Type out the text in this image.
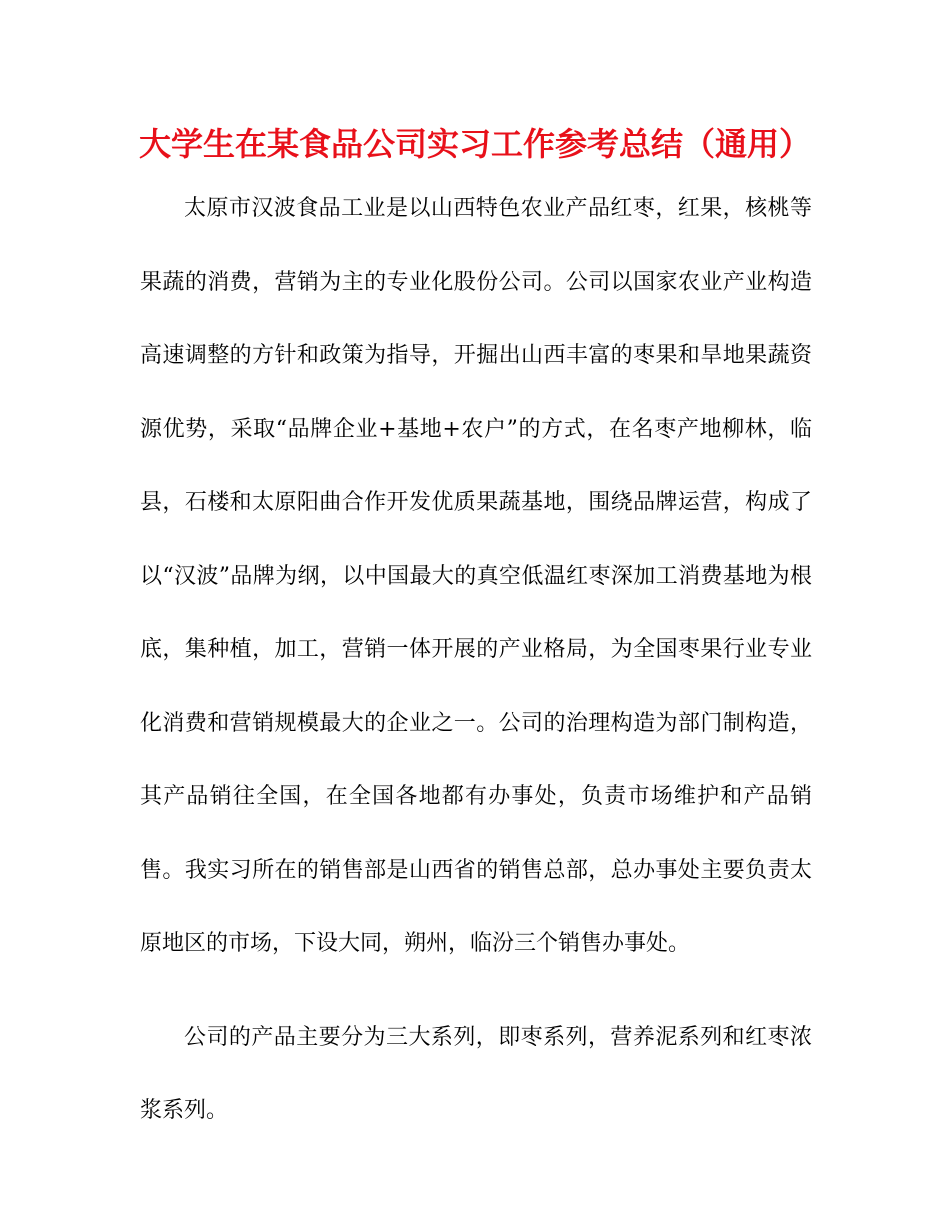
大学生在某食品公司实习工作参考总结（通用）

太原市汉波食品工业是以山西特色农业产品红枣，红果，核桃等果蔬的消费，营销为主的专业化股份公司。公司以国家农业产业构造高速调整的方针和政策为指导，开掘出山西丰富的枣果和旱地果蔬资源优势，采取“品牌企业+基地+农户”的方式，在名枣产地柳林，临县，石楼和太原阳曲合作开发优质果蔬基地，围绕品牌运营，构成了以“汉波”品牌为纲，以中国最大的真空低温红枣深加工消费基地为根底，集种植，加工，营销一体开展的产业格局，为全国枣果行业专业化消费和营销规模最大的企业之一。公司的治理构造为部门制构造，其产品销往全国，在全国各地都有办事处，负责市场维护和产品销售。我实习所在的销售部是山西省的销售总部，总办事处主要负责太原地区的市场，下设大同，朔州，临汾三个销售办事处。

公司的产品主要分为三大系列，即枣系列，营养泥系列和红枣浓浆系列。
